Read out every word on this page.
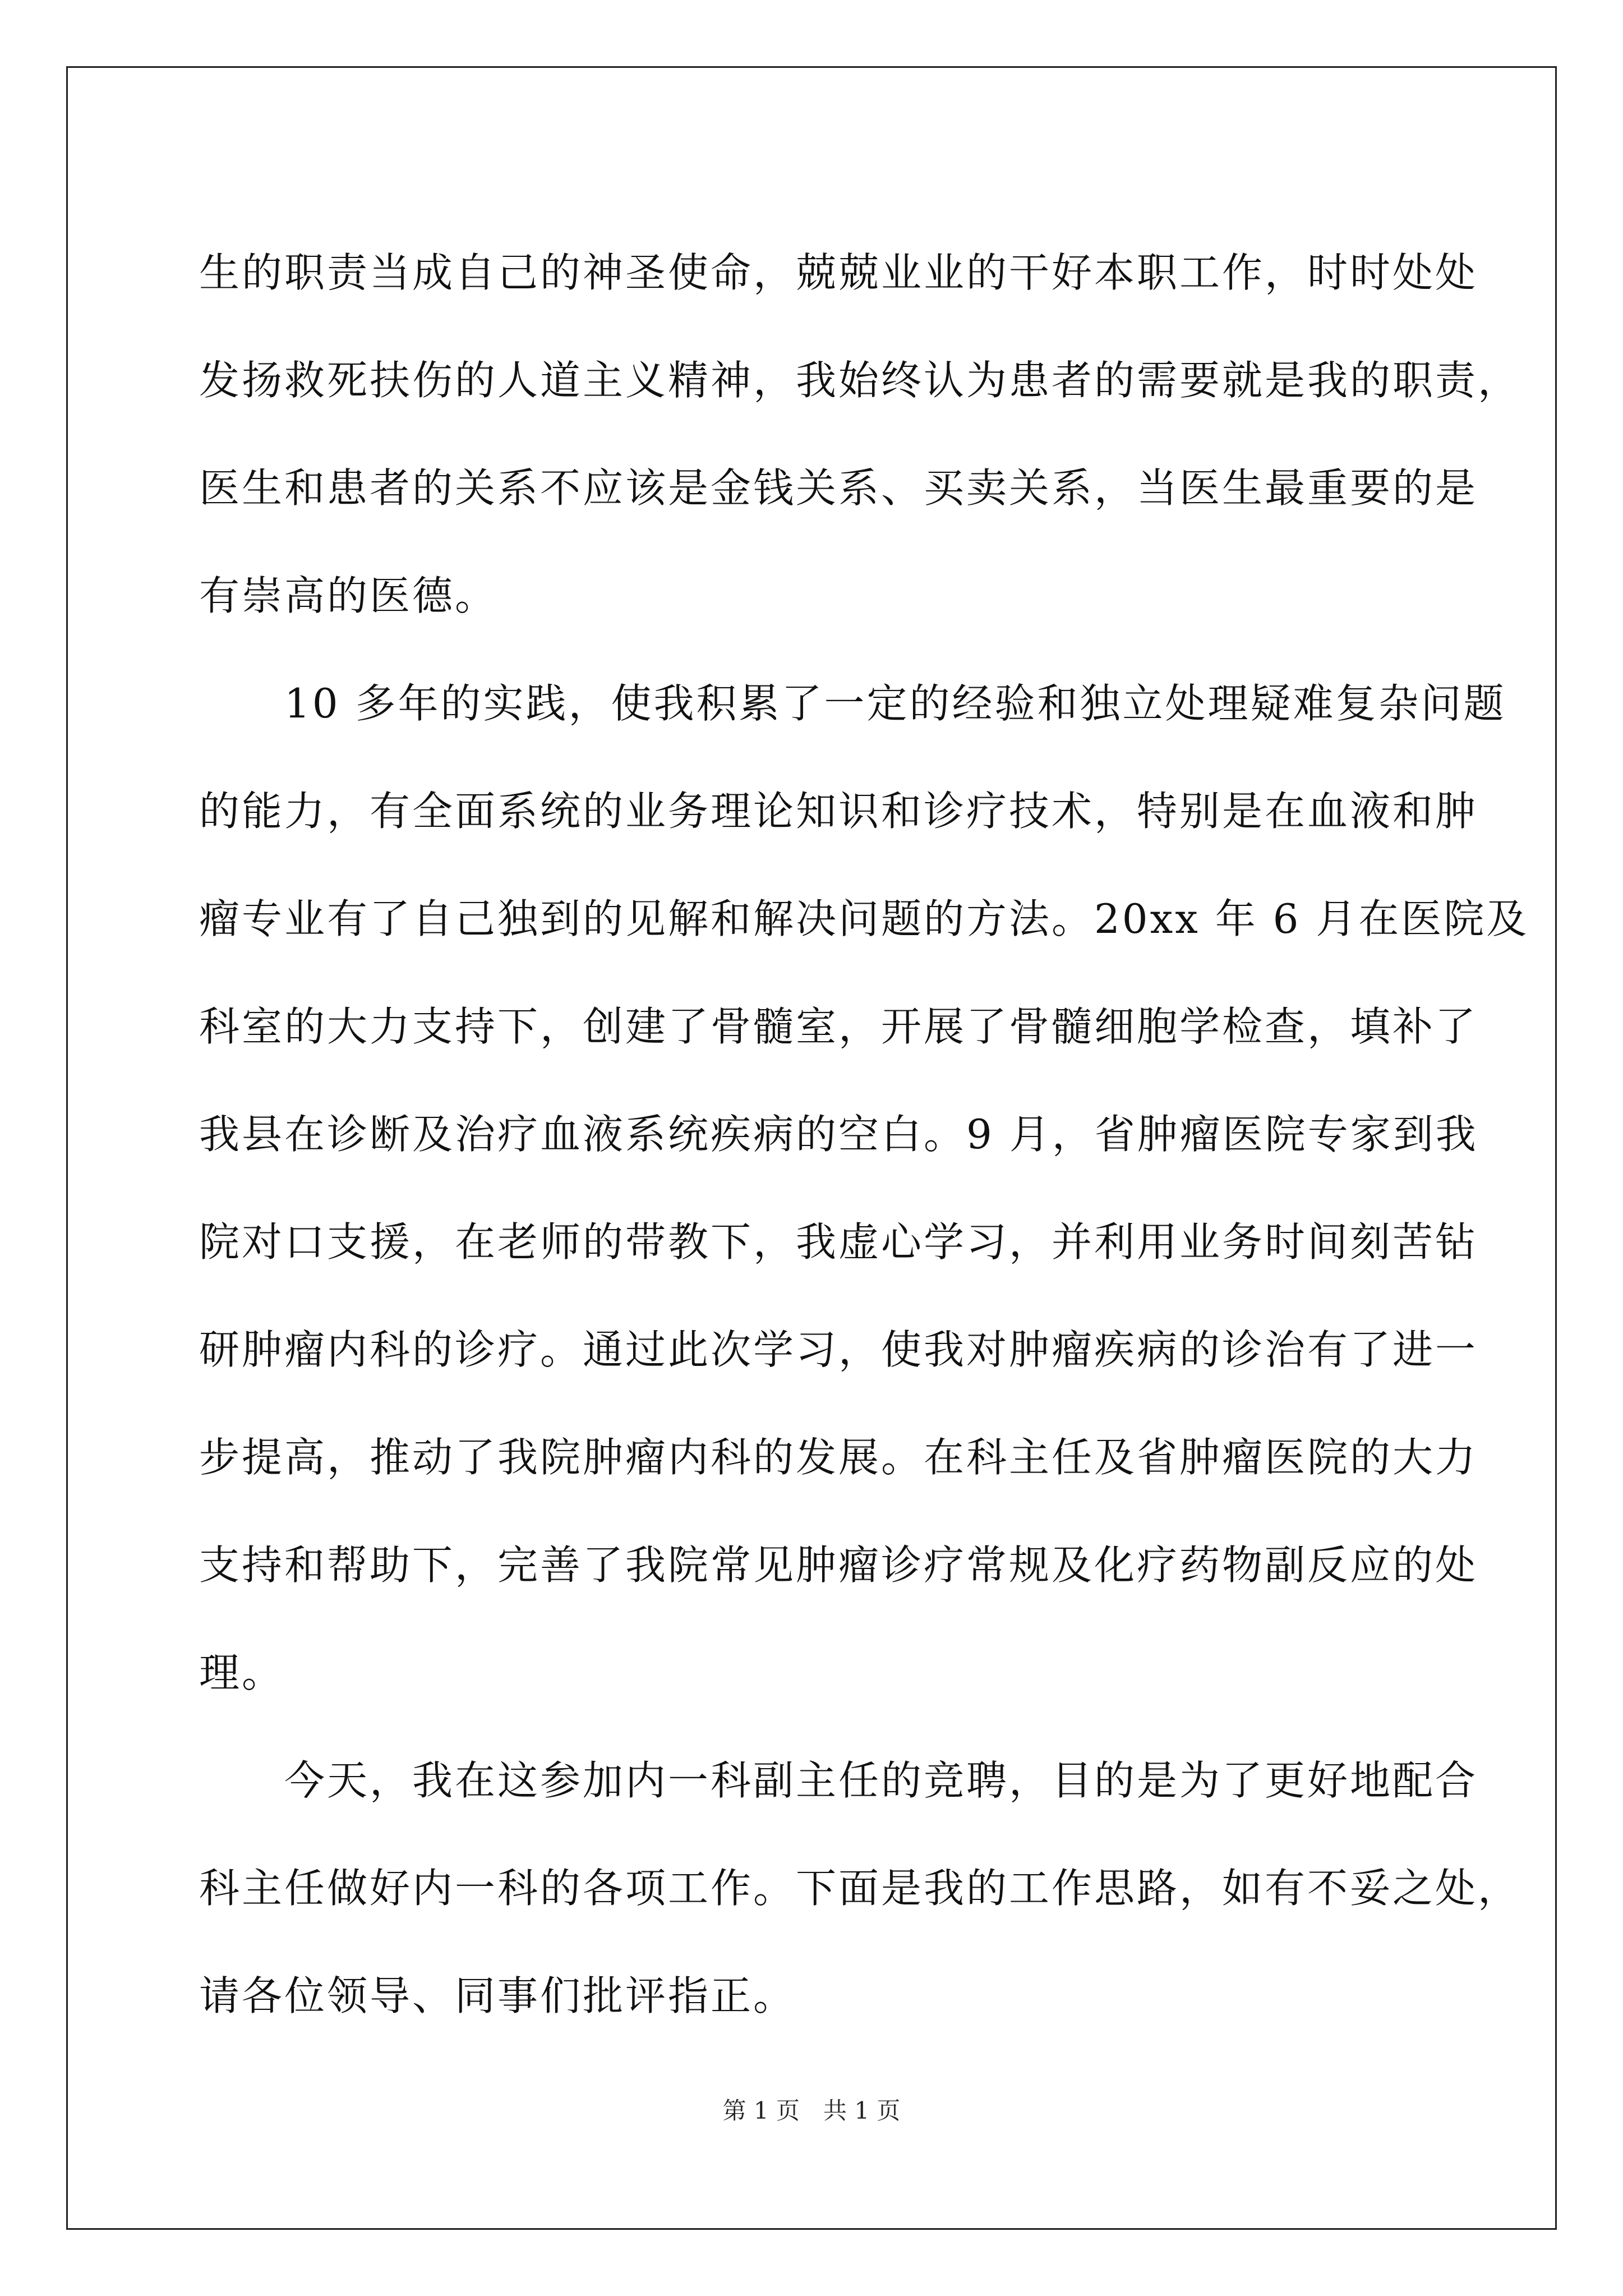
生的职责当成自己的神圣使命，兢兢业业的干好本职工作，时时处处
发扬救死扶伤的人道主义精神，我始终认为患者的需要就是我的职责，
医生和患者的关系不应该是金钱关系、买卖关系，当医生最重要的是
有崇高的医德。
　　10 多年的实践，使我积累了一定的经验和独立处理疑难复杂问题
的能力，有全面系统的业务理论知识和诊疗技术，特别是在血液和肿
瘤专业有了自己独到的见解和解决问题的方法。20xx 年 6 月在医院及
科室的大力支持下，创建了骨髓室，开展了骨髓细胞学检查，填补了
我县在诊断及治疗血液系统疾病的空白。9 月，省肿瘤医院专家到我
院对口支援，在老师的带教下，我虚心学习，并利用业务时间刻苦钻
研肿瘤内科的诊疗。通过此次学习，使我对肿瘤疾病的诊治有了进一
步提高，推动了我院肿瘤内科的发展。在科主任及省肿瘤医院的大力
支持和帮助下，完善了我院常见肿瘤诊疗常规及化疗药物副反应的处
理。
　　今天，我在这参加内一科副主任的竞聘，目的是为了更好地配合
科主任做好内一科的各项工作。下面是我的工作思路，如有不妥之处，
请各位领导、同事们批评指正。
第 1 页　共 1 页
